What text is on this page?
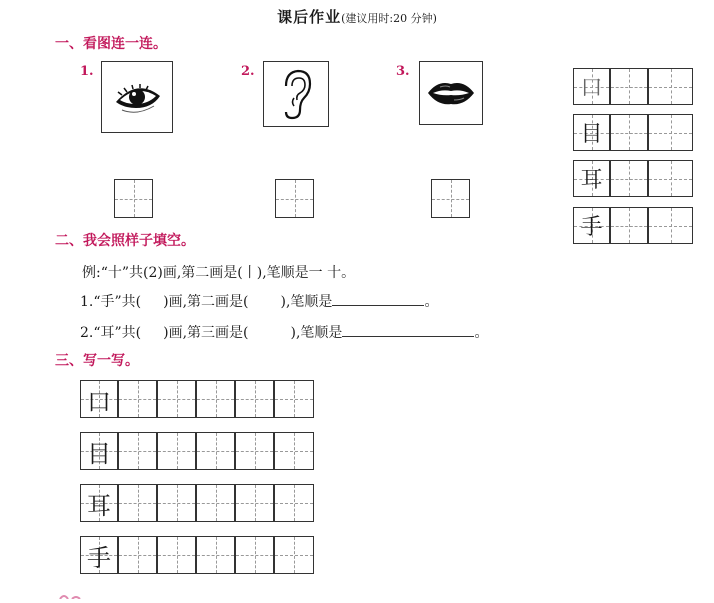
课后作业(建议用时:20 分钟)
一、看图连一连。
1.	2.	3.
口
目
耳
手
二、我会照样子填空。
例:“十”共(2)画,第二画是(丨),笔顺是一 十。
1.“手”共( )画,第二画是( ),笔顺是	。
2.“耳”共( )画,第三画是(	),笔顺是	。
三、写一写。
口
目
耳
手
